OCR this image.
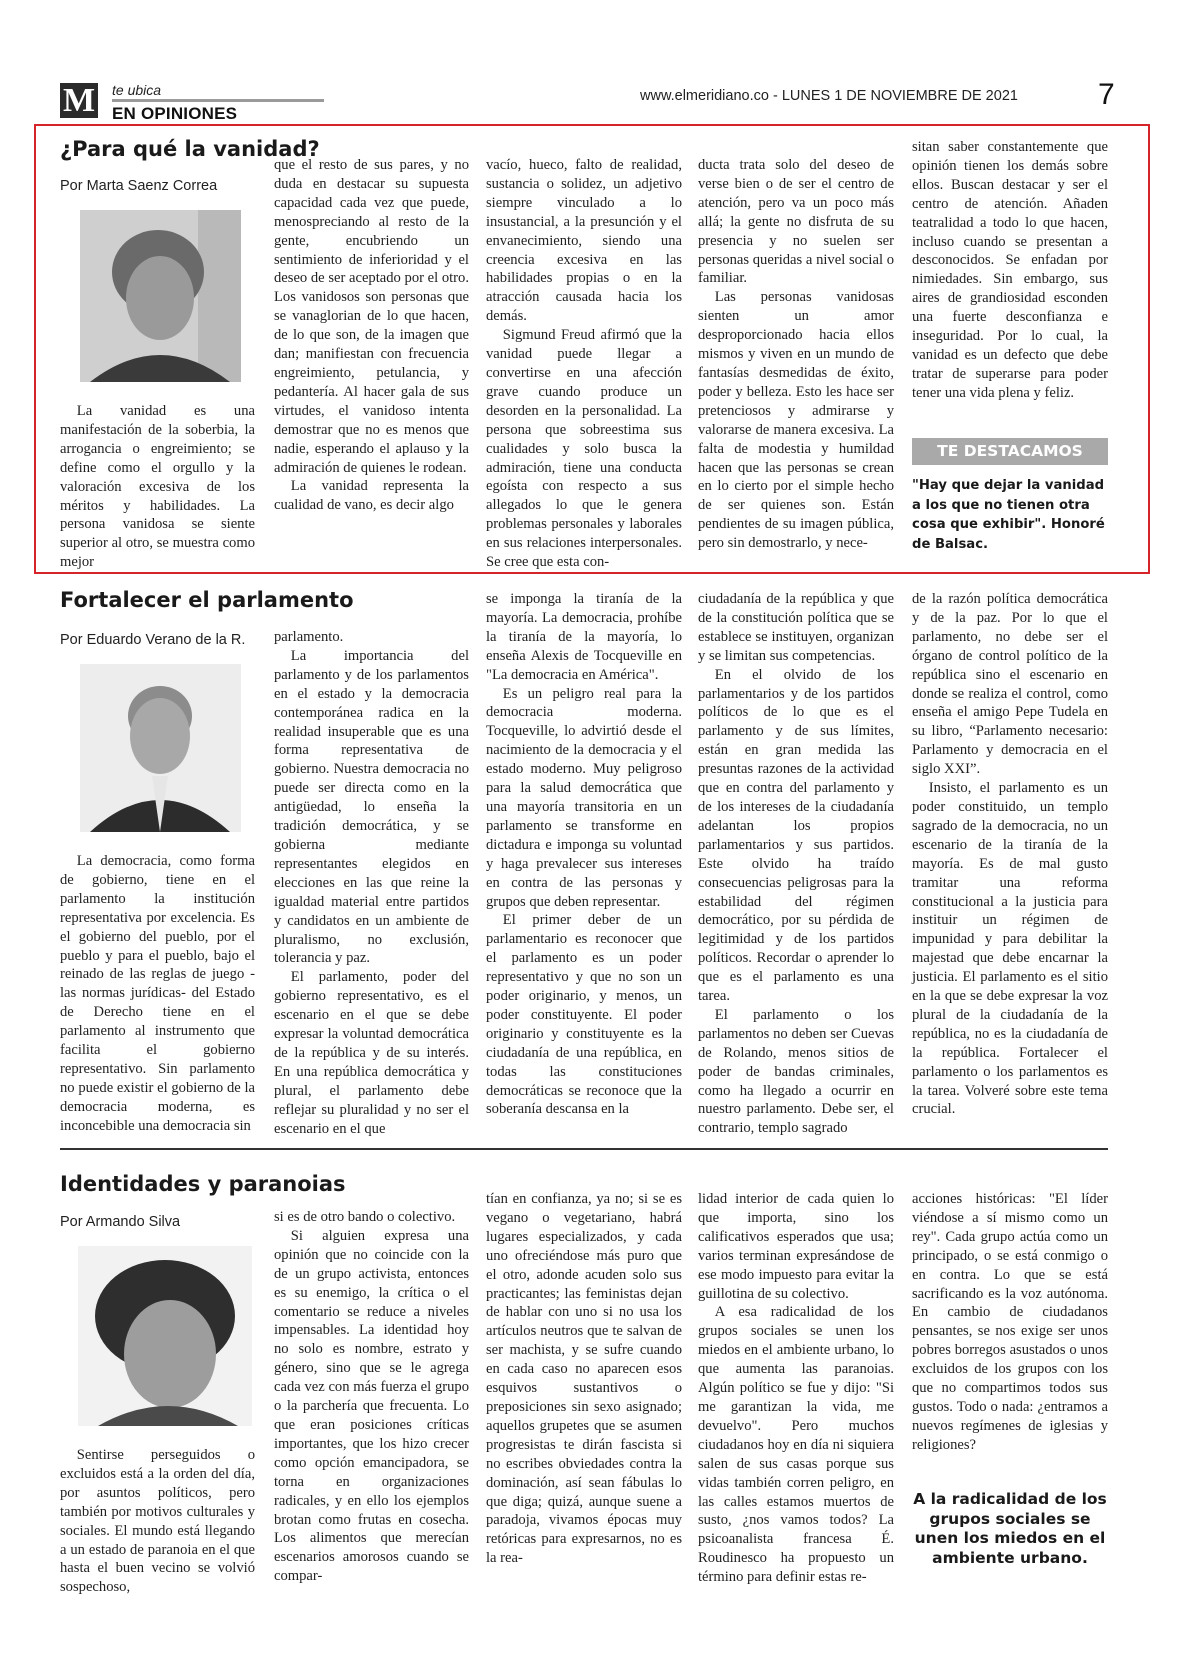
M te ubica
EN OPINIONES
www.elmeridiano.co - LUNES 1 DE NOVIEMBRE DE 2021	7
¿Para qué la vanidad?
Por Marta Saenz Correa

La vanidad es una manifestación de la soberbia, la arrogancia o engreimiento; se define como el orgullo y la valoración excesiva de los méritos y habilidades. La persona vanidosa se siente superior al otro, se muestra como mejor

que el resto de sus pares, y no duda en destacar su supuesta capacidad cada vez que puede, menospreciando al resto de la gente, encubriendo un sentimiento de inferioridad y el deseo de ser aceptado por el otro. Los vanidosos son personas que se vanaglorian de lo que hacen, de lo que son, de la imagen que dan; manifiestan con frecuencia engreimiento, petulancia, y pedantería. Al hacer gala de sus virtudes, el vanidoso intenta demostrar que no es menos que nadie, esperando el aplauso y la admiración de quienes le rodean.

La vanidad representa la cualidad de vano, es decir algo

vacío, hueco, falto de realidad, sustancia o solidez, un adjetivo siempre vinculado a lo insustancial, a la presunción y el envanecimiento, siendo una creencia excesiva en las habilidades propias o en la atracción causada hacia los demás.

Sigmund Freud afirmó que la vanidad puede llegar a convertirse en una afección grave cuando produce un desorden en la personalidad. La persona que sobreestima sus cualidades y solo busca la admiración, tiene una conducta egoísta con respecto a sus allegados lo que le genera problemas personales y laborales en sus relaciones interpersonales. Se cree que esta con-

ducta trata solo del deseo de verse bien o de ser el centro de atención, pero va un poco más allá; la gente no disfruta de su presencia y no suelen ser personas queridas a nivel social o familiar.

Las personas vanidosas sienten un amor desproporcionado hacia ellos mismos y viven en un mundo de fantasías desmedidas de éxito, poder y belleza. Esto les hace ser pretenciosos y admirarse y valorarse de manera excesiva. La falta de modestia y humildad hacen que las personas se crean en lo cierto por el simple hecho de ser quienes son. Están pendientes de su imagen pública, pero sin demostrarlo, y nece-

sitan saber constantemente que opinión tienen los demás sobre ellos. Buscan destacar y ser el centro de atención. Añaden teatralidad a todo lo que hacen, incluso cuando se presentan a desconocidos. Se enfadan por nimiedades. Sin embargo, sus aires de grandiosidad esconden una fuerte desconfianza e inseguridad. Por lo cual, la vanidad es un defecto que debe tratar de superarse para poder tener una vida plena y feliz.

TE DESTACAMOS
"Hay que dejar la vanidad a los que no tienen otra cosa que exhibir". Honoré de Balsac.
Fortalecer el parlamento
Por Eduardo Verano de la R.

La democracia, como forma de gobierno, tiene en el parlamento la institución representativa por excelencia. Es el gobierno del pueblo, por el pueblo y para el pueblo, bajo el reinado de las reglas de juego -las normas jurídicas- del Estado de Derecho tiene en el parlamento al instrumento que facilita el gobierno representativo. Sin parlamento no puede existir el gobierno de la democracia moderna, es inconcebible una democracia sin

parlamento.

La importancia del parlamento y de los parlamentos en el estado y la democracia contemporánea radica en la realidad insuperable que es una forma representativa de gobierno. Nuestra democracia no puede ser directa como en la antigüedad, lo enseña la tradición democrática, y se gobierna mediante representantes elegidos en elecciones en las que reine la igualdad material entre partidos y candidatos en un ambiente de pluralismo, no exclusión, tolerancia y paz.

El parlamento, poder del gobierno representativo, es el escenario en el que se debe expresar la voluntad democrática de la república y de su interés. En una república democrática y plural, el parlamento debe reflejar su pluralidad y no ser el escenario en el que

se imponga la tiranía de la mayoría. La democracia, prohíbe la tiranía de la mayoría, lo enseña Alexis de Tocqueville en "La democracia en América".

Es un peligro real para la democracia moderna. Tocqueville, lo advirtió desde el nacimiento de la democracia y el estado moderno. Muy peligroso para la salud democrática que una mayoría transitoria en un parlamento se transforme en dictadura e imponga su voluntad y haga prevalecer sus intereses en contra de las personas y grupos que deben representar.

El primer deber de un parlamentario es reconocer que el parlamento es un poder representativo y que no son un poder originario, y menos, un poder constituyente. El poder originario y constituyente es la ciudadanía de una república, en todas las constituciones democráticas se reconoce que la soberanía descansa en la

ciudadanía de la república y que de la constitución política que se establece se instituyen, organizan y se limitan sus competencias.

En el olvido de los parlamentarios y de los partidos políticos de lo que es el parlamento y de sus límites, están en gran medida las presuntas razones de la actividad que en contra del parlamento y de los intereses de la ciudadanía adelantan los propios parlamentarios y sus partidos. Este olvido ha traído consecuencias peligrosas para la estabilidad del régimen democrático, por su pérdida de legitimidad y de los partidos políticos. Recordar o aprender lo que es el parlamento es una tarea.

El parlamento o los parlamentos no deben ser Cuevas de Rolando, menos sitios de poder de bandas criminales, como ha llegado a ocurrir en nuestro parlamento. Debe ser, el contrario, templo sagrado

de la razón política democrática y de la paz. Por lo que el parlamento, no debe ser el órgano de control político de la república sino el escenario en donde se realiza el control, como enseña el amigo Pepe Tudela en su libro, “Parlamento necesario: Parlamento y democracia en el siglo XXI”.

Insisto, el parlamento es un poder constituido, un templo sagrado de la democracia, no un escenario de la tiranía de la mayoría. Es de mal gusto tramitar una reforma constitucional a la justicia para instituir un régimen de impunidad y para debilitar la majestad que debe encarnar la justicia. El parlamento es el sitio en la que se debe expresar la voz plural de la ciudadanía de la república, no es la ciudadanía de la república. Fortalecer el parlamento o los parlamentos es la tarea. Volveré sobre este tema crucial.

Identidades y paranoias
Por Armando Silva

Sentirse perseguidos o excluidos está a la orden del día, por asuntos políticos, pero también por motivos culturales y sociales. El mundo está llegando a un estado de paranoia en el que hasta el buen vecino se volvió sospechoso,

si es de otro bando o colectivo.

Si alguien expresa una opinión que no coincide con la de un grupo activista, entonces es su enemigo, la crítica o el comentario se reduce a niveles impensables. La identidad hoy no solo es nombre, estrato y género, sino que se le agrega cada vez con más fuerza el grupo o la parchería que frecuenta. Lo que eran posiciones críticas importantes, que los hizo crecer como opción emancipadora, se torna en organizaciones radicales, y en ello los ejemplos brotan como frutas en cosecha. Los alimentos que merecían escenarios amorosos cuando se compar-

tían en confianza, ya no; si se es vegano o vegetariano, habrá lugares especializados, y cada uno ofreciéndose más puro que el otro, adonde acuden solo sus practicantes; las feministas dejan de hablar con uno si no usa los artículos neutros que te salvan de ser machista, y se sufre cuando en cada caso no aparecen esos esquivos sustantivos o preposiciones sin sexo asignado; aquellos grupetes que se asumen progresistas te dirán fascista si no escribes obviedades contra la dominación, así sean fábulas lo que diga; quizá, aunque suene a paradoja, vivamos épocas muy retóricas para expresarnos, no es la rea-

lidad interior de cada quien lo que importa, sino los calificativos esperados que usa; varios terminan expresándose de ese modo impuesto para evitar la guillotina de su colectivo.

A esa radicalidad de los grupos sociales se unen los miedos en el ambiente urbano, lo que aumenta las paranoias. Algún político se fue y dijo: "Si me garantizan la vida, me devuelvo". Pero muchos ciudadanos hoy en día ni siquiera salen de sus casas porque sus vidas también corren peligro, en las calles estamos muertos de susto, ¿nos vamos todos? La psicoanalista francesa É. Roudinesco ha propuesto un término para definir estas re-

acciones históricas: "El líder viéndose a sí mismo como un rey". Cada grupo actúa como un principado, o se está conmigo o en contra. Lo que se está sacrificando es la voz autónoma. En cambio de ciudadanos pensantes, se nos exige ser unos pobres borregos asustados o unos excluidos de los grupos con los que no compartimos todos sus gustos. Todo o nada: ¿entramos a nuevos regímenes de iglesias y religiones?

A la radicalidad de los grupos sociales se unen los miedos en el ambiente urbano.
